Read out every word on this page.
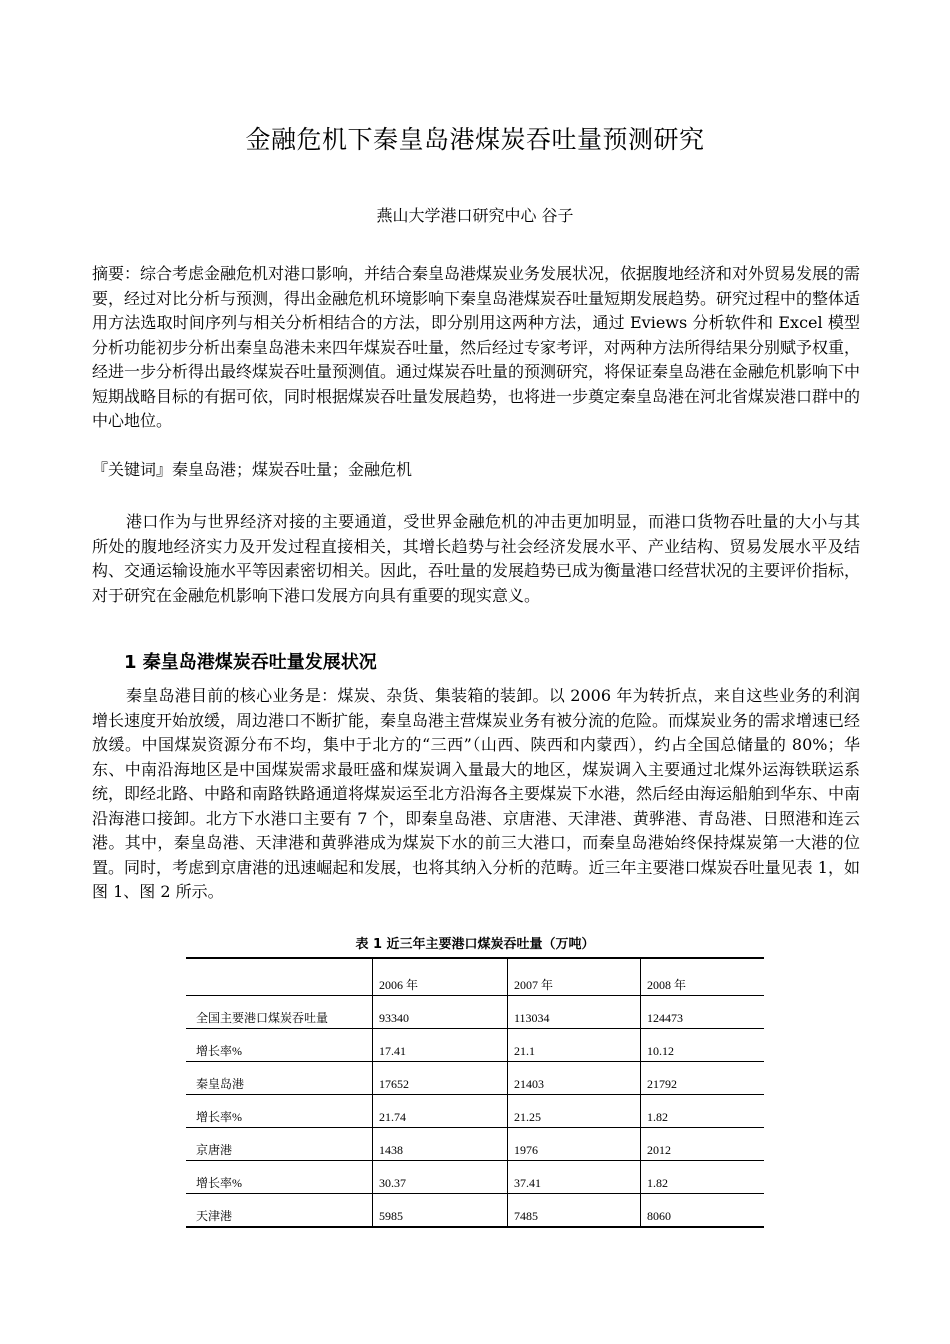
金融危机下秦皇岛港煤炭吞吐量预测研究
燕山大学港口研究中心 谷子

摘要：综合考虑金融危机对港口影响，并结合秦皇岛港煤炭业务发展状况，依据腹地经济和对外贸易发展的需要，经过对比分析与预测，得出金融危机环境影响下秦皇岛港煤炭吞吐量短期发展趋势。研究过程中的整体适用方法选取时间序列与相关分析相结合的方法，即分别用这两种方法，通过 Eviews 分析软件和 Excel 模型分析功能初步分析出秦皇岛港未来四年煤炭吞吐量，然后经过专家考评，对两种方法所得结果分别赋予权重，经进一步分析得出最终煤炭吞吐量预测值。通过煤炭吞吐量的预测研究，将保证秦皇岛港在金融危机影响下中短期战略目标的有据可依，同时根据煤炭吞吐量发展趋势，也将进一步奠定秦皇岛港在河北省煤炭港口群中的中心地位。

『关键词』秦皇岛港；煤炭吞吐量；金融危机

港口作为与世界经济对接的主要通道，受世界金融危机的冲击更加明显，而港口货物吞吐量的大小与其所处的腹地经济实力及开发过程直接相关，其增长趋势与社会经济发展水平、产业结构、贸易发展水平及结构、交通运输设施水平等因素密切相关。因此，吞吐量的发展趋势已成为衡量港口经营状况的主要评价指标，对于研究在金融危机影响下港口发展方向具有重要的现实意义。

1 秦皇岛港煤炭吞吐量发展状况

秦皇岛港目前的核心业务是：煤炭、杂货、集装箱的装卸。以 2006 年为转折点，来自这些业务的利润增长速度开始放缓，周边港口不断扩能，秦皇岛港主营煤炭业务有被分流的危险。而煤炭业务的需求增速已经放缓。中国煤炭资源分布不均，集中于北方的“三西”（山西、陕西和内蒙西），约占全国总储量的 80%；华东、中南沿海地区是中国煤炭需求最旺盛和煤炭调入量最大的地区，煤炭调入主要通过北煤外运海铁联运系统，即经北路、中路和南路铁路通道将煤炭运至北方沿海各主要煤炭下水港，然后经由海运船舶到华东、中南沿海港口接卸。北方下水港口主要有 7 个，即秦皇岛港、京唐港、天津港、黄骅港、青岛港、日照港和连云港。其中，秦皇岛港、天津港和黄骅港成为煤炭下水的前三大港口，而秦皇岛港始终保持煤炭第一大港的位置。同时，考虑到京唐港的迅速崛起和发展，也将其纳入分析的范畴。近三年主要港口煤炭吞吐量见表 1，如图 1、图 2 所示。

表 1 近三年主要港口煤炭吞吐量（万吨）
	2006 年	2007 年	2008 年
全国主要港口煤炭吞吐量	93340	113034	124473
增长率%	17.41	21.1	10.12
秦皇岛港	17652	21403	21792
增长率%	21.74	21.25	1.82
京唐港	1438	1976	2012
增长率%	30.37	37.41	1.82
天津港	5985	7485	8060
